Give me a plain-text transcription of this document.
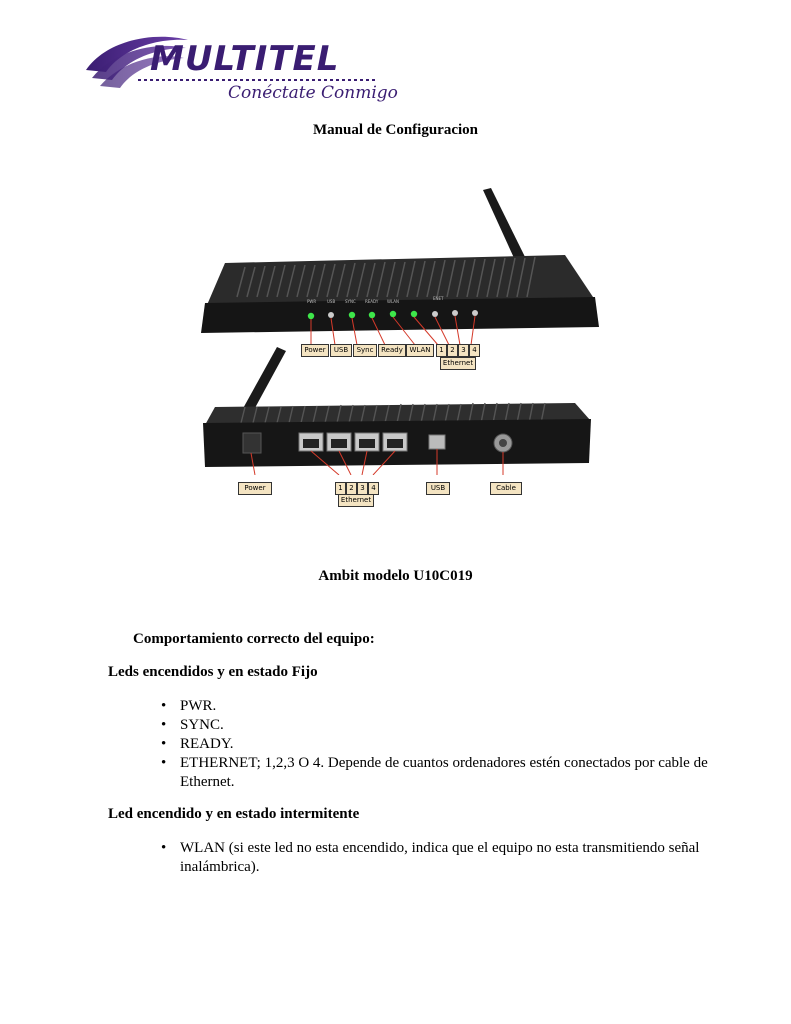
MULTITEL
Conéctate Conmigo
Manual de Configuracion
PWR	USB SYNC READY WLAN
ENET
Power	USB	Sync	Ready WLAN	1 2 3 4
Ethernet
Power	1 2 3 4
Ethernet
USB	Cable
Ambit modelo U10C019
Comportamiento correcto del equipo:
Leds encendidos y en estado Fijo
• PWR.
• SYNC.
• READY.
• ETHERNET; 1,2,3 O 4. Depende de cuantos ordenadores estén conectados por cable de
Ethernet.
Led encendido y en estado intermitente
• WLAN (si este led no esta encendido, indica que el equipo no esta transmitiendo señal
inalámbrica).
